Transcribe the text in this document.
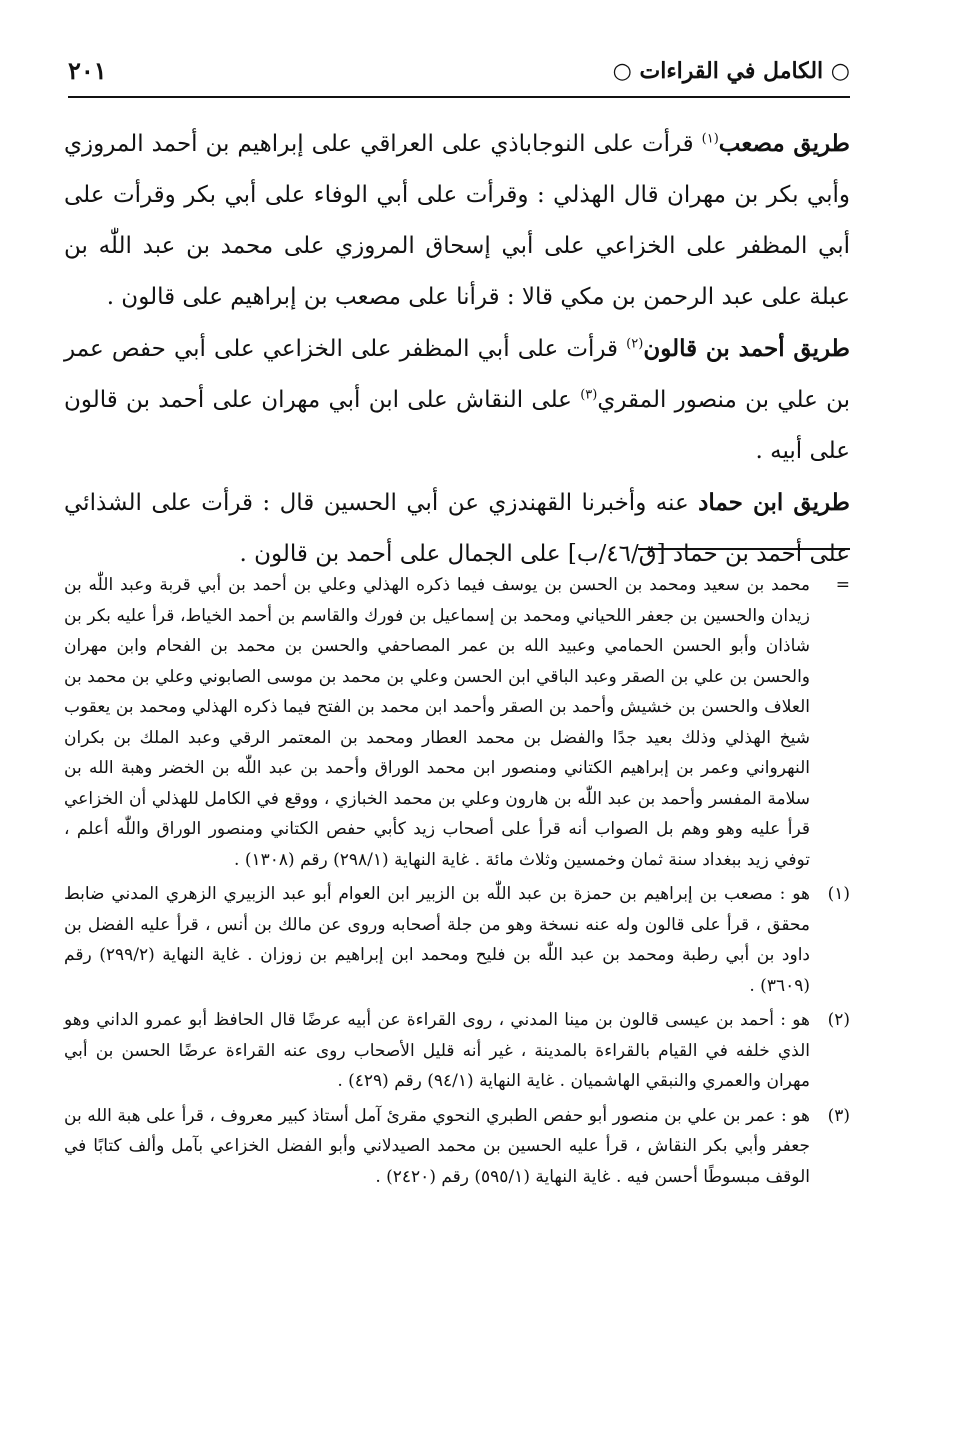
○ الكامل في القراءات ○
٢٠١

طريق مصعب$^{(١)}$ قرأت على النوجاباذي على العراقي على إبراهيم بن أحمد المروزي وأبي بكر بن مهران قال الهذلي : وقرأت على أبي الوفاء على أبي بكر وقرأت على أبي المظفر على الخزاعي على أبي إسحاق المروزي على محمد بن عبد اللّٰه بن عبلة على عبد الرحمن بن مكي قالا : قرأنا على مصعب بن إبراهيم على قالون .

طريق أحمد بن قالون$^{(٢)}$ قرأت على أبي المظفر على الخزاعي على أبي حفص عمر بن علي بن منصور المقري$^{(٣)}$ على النقاش على ابن أبي مهران على أحمد بن قالون على أبيه .

طريق ابن حماد عنه وأخبرنا القهندزي عن أبي الحسين قال : قرأت على الشذائي على أحمد بن حماد [ق/٤٦/ب] على الجمال على أحمد بن قالون .

=
محمد بن سعيد ومحمد بن الحسن بن يوسف فيما ذكره الهذلي وعلي بن أحمد بن أبي قربة وعبد اللّٰه بن زيدان والحسين بن جعفر اللحياني ومحمد بن إسماعيل بن فورك والقاسم بن أحمد الخياط، قرأ عليه بكر بن شاذان وأبو الحسن الحمامي وعبيد الله بن عمر المصاحفي والحسن بن محمد بن الفحام وابن مهران والحسن بن علي بن الصقر وعبد الباقي ابن الحسن وعلي بن محمد بن موسى الصابوني وعلي بن محمد بن العلاف والحسن بن خشيش وأحمد بن الصقر وأحمد ابن محمد بن الفتح فيما ذكره الهذلي ومحمد بن يعقوب شيخ الهذلي وذلك بعيد جدًا والفضل بن محمد العطار ومحمد بن المعتمر الرقي وعبد الملك بن بكران النهرواني وعمر بن إبراهيم الكتاني ومنصور ابن محمد الوراق وأحمد بن عبد اللّٰه بن الخضر وهبة الله بن سلامة المفسر وأحمد بن عبد اللّٰه بن هارون وعلي بن محمد الخبازي ، ووقع في الكامل للهذلي أن الخزاعي قرأ عليه وهو وهم بل الصواب أنه قرأ على أصحاب زيد كأبي حفص الكتاني ومنصور الوراق واللّٰه أعلم ، توفي زيد ببغداد سنة ثمان وخمسين وثلاث مائة . غاية النهاية (٢٩٨/١) رقم (١٣٠٨) .
(١)
هو : مصعب بن إبراهيم بن حمزة بن عبد اللّٰه بن الزبير ابن العوام أبو عبد الزبيري الزهري المدني ضابط محقق ، قرأ على قالون وله عنه نسخة وهو من جلة أصحابه وروى عن مالك بن أنس ، قرأ عليه الفضل بن داود بن أبي رطبة ومحمد بن عبد اللّٰه بن فليح ومحمد ابن إبراهيم بن زوزان . غاية النهاية (٢٩٩/٢) رقم (٣٦٠٩) .
(٢)
هو : أحمد بن عيسى قالون بن مينا المدني ، روى القراءة عن أبيه عرضًا قال الحافظ أبو عمرو الداني وهو الذي خلفه في القيام بالقراءة بالمدينة ، غير أنه قليل الأصحاب روى عنه القراءة عرضًا الحسن بن أبي مهران والعمري والنبقي الهاشميان . غاية النهاية (٩٤/١) رقم (٤٢٩) .
(٣)
هو : عمر بن علي بن منصور أبو حفص الطبري النحوي مقرئ آمل أستاذ كبير معروف ، قرأ على هبة الله بن جعفر وأبي بكر النقاش ، قرأ عليه الحسين بن محمد الصيدلاني وأبو الفضل الخزاعي بآمل وألف كتابًا في الوقف مبسوطًا أحسن فيه . غاية النهاية (٥٩٥/١) رقم (٢٤٢٠) .
